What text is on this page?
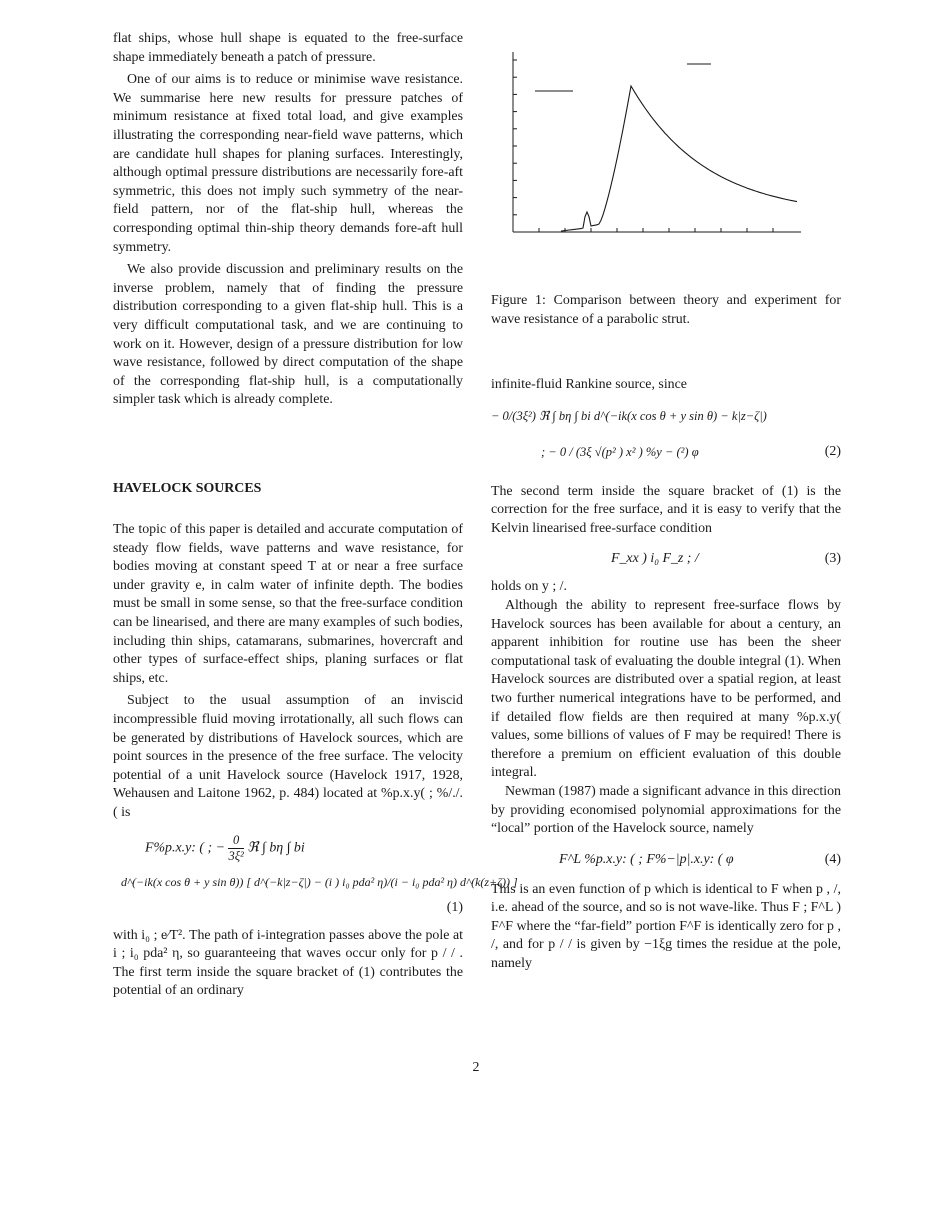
flat ships, whose hull shape is equated to the free-surface shape immediately beneath a patch of pressure.

One of our aims is to reduce or minimise wave resistance. We summarise here new results for pressure patches of minimum resistance at fixed total load, and give examples illustrating the corresponding near-field wave patterns, which are candidate hull shapes for planing surfaces. Interestingly, although optimal pressure distributions are necessarily fore-aft symmetric, this does not imply such symmetry of the near-field pattern, nor of the flat-ship hull, whereas the corresponding optimal thin-ship theory demands fore-aft hull symmetry.

We also provide discussion and preliminary results on the inverse problem, namely that of finding the pressure distribution corresponding to a given flat-ship hull. This is a very difficult computational task, and we are continuing to work on it. However, design of a pressure distribution for low wave resistance, followed by direct computation of the shape of the corresponding flat-ship hull, is a computationally simpler task which is already complete.

HAVELOCK SOURCES

The topic of this paper is detailed and accurate computation of steady flow fields, wave patterns and wave resistance, for bodies moving at constant speed T at or near a free surface under gravity e, in calm water of infinite depth. The bodies must be small in some sense, so that the free-surface condition can be linearised, and there are many examples of such bodies, including thin ships, catamarans, submarines, hovercraft and other types of surface-effect ships, planing surfaces or flat ships, etc.

Subject to the usual assumption of an inviscid incompressible fluid moving irrotationally, all such flows can be generated by distributions of Havelock sources, which are point sources in the presence of the free surface. The velocity potential of a unit Havelock source (Havelock 1917, 1928, Wehausen and Laitone 1962, p. 484) located at %p.x.y( ; %/./. ( is

F%p.x.y: ( ; − $\frac{0}{\text{3ξ²}}$ ℜ ∫ bη ∫ bi
d^(−ik(x cos θ + y sin θ)) [ d^(−k|z−ζ|) − (i ) i₀ pda² η)/(i − i₀ pda² η) d^(k(z+ζ)) ]
(1)

with i₀ ; e⁄T². The path of i-integration passes above the pole at i ; i₀ pda² η, so guaranteeing that waves occur only for p / / . The first term inside the square bracket of (1) contributes the potential of an ordinary

Figure 1: Comparison between theory and experiment for wave resistance of a parabolic strut.

infinite-fluid Rankine source, since

− 0/(3ξ²) ℜ ∫ bη ∫ bi d^(−ik(x cos θ + y sin θ) − k|z−ζ|)
; − 0 / (3ξ √(p² ) x² ) %y − (²) φ	(2)

The second term inside the square bracket of (1) is the correction for the free surface, and it is easy to verify that the Kelvin linearised free-surface condition

F_xx ) i₀ F_z ; /	(3)

holds on y ; /.

Although the ability to represent free-surface flows by Havelock sources has been available for about a century, an apparent inhibition for routine use has been the sheer computational task of evaluating the double integral (1). When Havelock sources are distributed over a spatial region, at least two further numerical integrations have to be performed, and if detailed flow fields are then required at many %p.x.y( values, some billions of values of F may be required! There is therefore a premium on efficient evaluation of this double integral.

Newman (1987) made a significant advance in this direction by providing economised polynomial approximations for the “local” portion of the Havelock source, namely

F^L %p.x.y: ( ; F%−|p|.x.y: ( φ	(4)

This is an even function of p which is identical to F when p , /, i.e. ahead of the source, and so is not wave-like. Thus F ; F^L ) F^F where the “far-field” portion F^F is identically zero for p , /, and for p / / is given by −1ξg times the residue at the pole, namely

2
